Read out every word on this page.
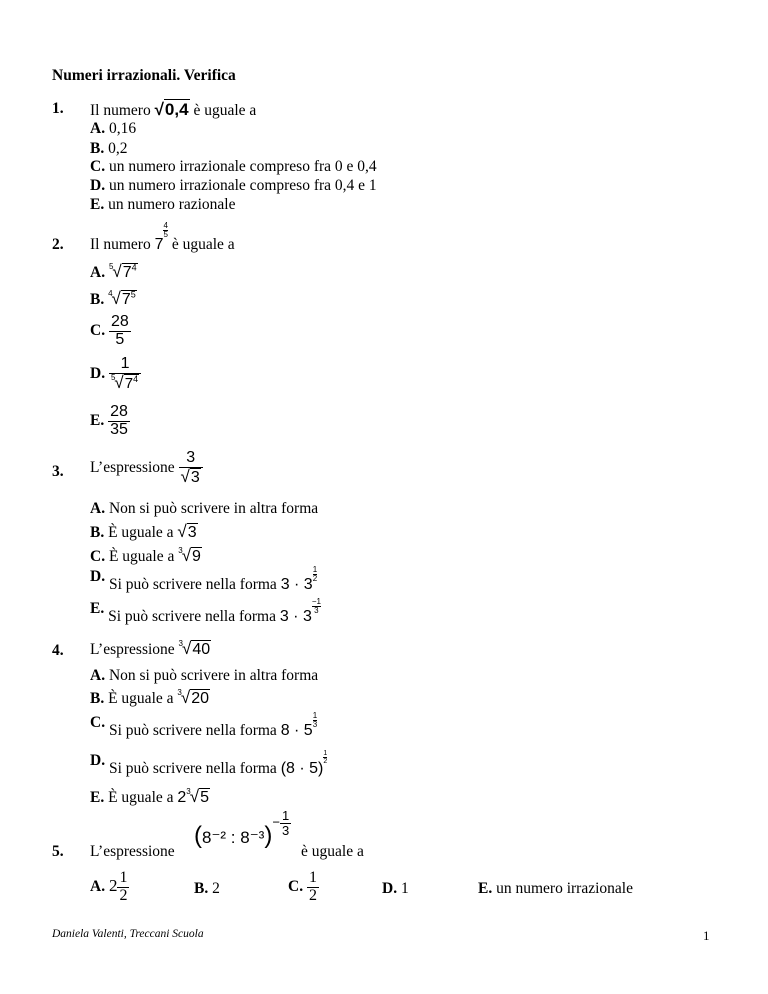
Numeri irrazionali. Verifica
1. Il numero √0,4 è uguale a
A. 0,16
B. 0,2
C. un numero irrazionale compreso fra 0 e 0,4
D. un numero irrazionale compreso fra 0,4 e 1
E. un numero razionale
2. Il numero 7
$\frac{4}{5}$
è uguale a
A. $^5√7^4$
B. $^4√7^5$
C. $\frac{28}{5}$
D. $\frac{1}{^5√7^4}$
E. $\frac{28}{35}$
3. L’espressione $\frac{3}{√3}$
A. Non si può scrivere in altra forma
B. È uguale a √3
C. È uguale a $^3$√9
D. Si può scrivere nella forma 3 · 3
$\frac{1}{2}$
E. Si può scrivere nella forma 3 · 3
$\frac{-1}{3}$
4. L’espressione $^3$√40
A. Non si può scrivere in altra forma
B. È uguale a $^3$√20
C. Si può scrivere nella forma 8 · 5
$\frac{1}{3}$
D. Si può scrivere nella forma (8 · 5)
$\frac{1}{2}$
E. È uguale a $2^3√5$
5. L’espressione
(8⁻² : $8^{-3})- \frac{1}{3}$
è uguale a
A. $2 \frac{1}{2}$	B. 2	C. $\frac{1}{2}$	D. 1	E. un numero irrazionale
Daniela Valenti, Treccani Scuola	1
